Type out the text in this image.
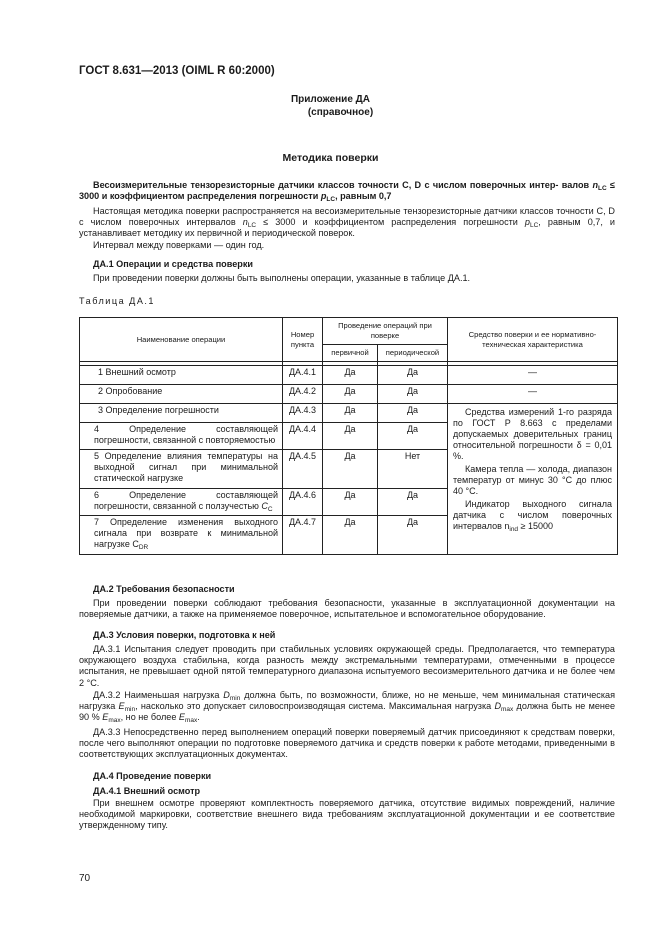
ГОСТ 8.631—2013 (OIML R 60:2000)
Приложение ДА

(справочное)
Методика поверки
Весоизмерительные тензорезисторные датчики классов точности С, D с числом поверочных интер- валов $n_{LC} \le 3000$ и коэффициентом распределения погрешности $p_{LC}$, равным 0,7
Настоящая методика поверки распространяется на весоизмерительные тензорезисторные датчики классов точности С, D с числом поверочных интервалов $n_{LC} \le 3000$ и коэффициентом распределения погрешности $p_{LC}$, равным 0,7, и устанавливает методику их первичной и периодической поверок.
Интервал между поверками — один год.
ДА.1 Операции и средства поверки
При проведении поверки должны быть выполнены операции, указанные в таблице ДА.1.
Таблица ДА.1
Наименование операции	Номер пункта	Проведение операций при поверке		Средство поверки и ее нормативно-техническая характеристика
		первичной	периодической	

1 Внешний осмотр	ДА.4.1	Да	Да	—
2 Опробование	ДА.4.2	Да	Да	—
3 Определение погрешности	ДА.4.3	Да	Да	Средства измерений 1-го разряда по ГОСТ Р 8.663 с пределами допускаемых доверительных границ относительной погрешности δ = 0,01 %.
Камера тепла — холода, диапазон температур от минус 30 °С до плюс 40 °С.
Индикатор выходного сигнала датчика с числом поверочных интервалов $n_{ind} \ge 15000$

4 Определение составляющей погрешности, связанной с повторяемостью	ДА.4.4	Да	Да	

5 Определение влияния температуры на выходной сигнал при минимальной статической нагрузке	ДА.4.5	Да	Нет	

6 Определение составляющей погрешности, связанной с ползучестью $C_C$	ДА.4.6	Да	Да	

7 Определение изменения выходного сигнала при возврате к минимальной нагрузке $C_{DR}$	ДА.4.7	Да	Да	
ДА.2 Требования безопасности
При проведении поверки соблюдают требования безопасности, указанные в эксплуатационной документации на поверяемые датчики, а также на применяемое поверочное, испытательное и вспомогательное оборудование.
ДА.3 Условия поверки, подготовка к ней
ДА.3.1 Испытания следует проводить при стабильных условиях окружающей среды. Предполагается, что температура окружающего воздуха стабильна, когда разность между экстремальными температурами, отмеченными в процессе испытания, не превышает одной пятой температурного диапазона испытуемого весоизмерительного датчика и не более чем 2 °С.
ДА.3.2 Наименьшая нагрузка $D_{min}$ должна быть, по возможности, ближе, но не меньше, чем минимальная статическая нагрузка $E_{min}$, насколько это допускает силовоспроизводящая система. Максимальная нагрузка $D_{max}$ должна быть не менее 90 % $E_{max}$, но не более $E_{max}$.
ДА.3.3 Непосредственно перед выполнением операций поверки поверяемый датчик присоединяют к средствам поверки, после чего выполняют операции по подготовке поверяемого датчика и средств поверки к работе методами, приведенными в соответствующих эксплуатационных документах.
ДА.4 Проведение поверки
ДА.4.1 Внешний осмотр
При внешнем осмотре проверяют комплектность поверяемого датчика, отсутствие видимых повреждений, наличие необходимой маркировки, соответствие внешнего вида требованиям эксплуатационной документации и ее соответствие утвержденному типу.
70
